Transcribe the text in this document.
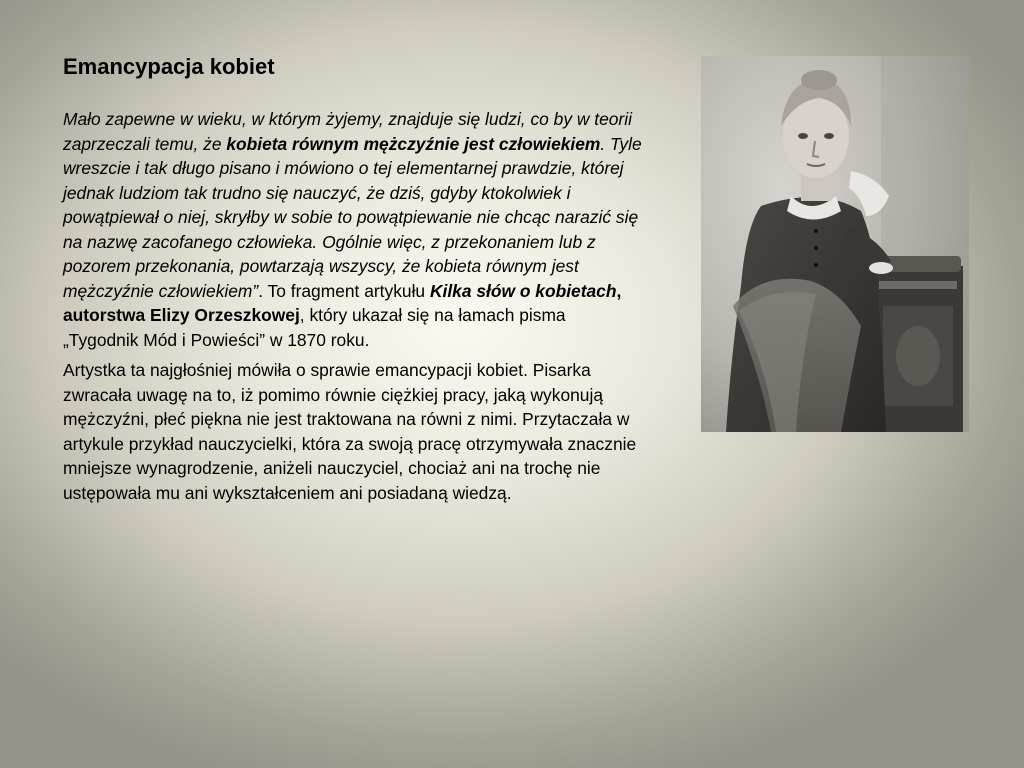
Emancypacja kobiet

Mało zapewne w wieku, w którym żyjemy, znajduje się ludzi, co by w teorii zaprzeczali temu, że kobieta równym mężczyźnie jest człowiekiem. Tyle wreszcie i tak długo pisano i mówiono o tej elementarnej prawdzie, której jednak ludziom tak trudno się nauczyć, że dziś, gdyby ktokolwiek i powątpiewał o niej, skryłby w sobie to powątpiewanie nie chcąc narazić się na nazwę zacofanego człowieka. Ogólnie więc, z przekonaniem lub z pozorem przekonania, powtarzają wszyscy, że kobieta równym jest mężczyźnie człowiekiem”. To fragment artykułu Kilka słów o kobietach, autorstwa Elizy Orzeszkowej, który ukazał się na łamach pisma „Tygodnik Mód i Powieści” w 1870 roku.

Artystka ta najgłośniej mówiła o sprawie emancypacji kobiet. Pisarka zwracała uwagę na to, iż pomimo równie ciężkiej pracy, jaką wykonują mężczyźni, płeć piękna nie jest traktowana na równi z nimi. Przytaczała w artykule przykład nauczycielki, która za swoją pracę otrzymywała znacznie mniejsze wynagrodzenie, aniżeli nauczyciel, chociaż ani na trochę nie ustępowała mu ani wykształceniem ani posiadaną wiedzą.
